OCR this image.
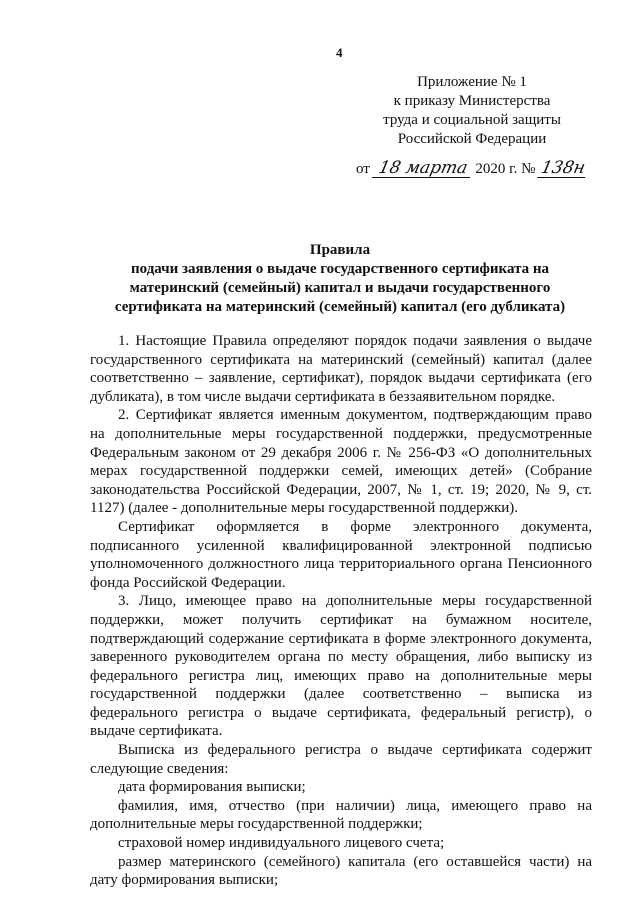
4
Приложение № 1
к приказу Министерства
труда и социальной защиты
Российской Федерации
от 18 марта 2020 г. № 138н
Правила
подачи заявления о выдаче государственного сертификата на
материнский (семейный) капитал и выдачи государственного
сертификата на материнский (семейный) капитал (его дубликата)

1. Настоящие Правила определяют порядок подачи заявления о выдаче государственного сертификата на материнский (семейный) капитал (далее соответственно – заявление, сертификат), порядок выдачи сертификата (его дубликата), в том числе выдачи сертификата в беззаявительном порядке.

2. Сертификат является именным документом, подтверждающим право на дополнительные меры государственной поддержки, предусмотренные Федеральным законом от 29 декабря 2006 г. № 256-ФЗ «О дополнительных мерах государственной поддержки семей, имеющих детей» (Собрание законодательства Российской Федерации, 2007, № 1, ст. 19; 2020, № 9, ст. 1127) (далее - дополнительные меры государственной поддержки).

Сертификат оформляется в форме электронного документа, подписанного усиленной квалифицированной электронной подписью уполномоченного должностного лица территориального органа Пенсионного фонда Российской Федерации.

3. Лицо, имеющее право на дополнительные меры государственной поддержки, может получить сертификат на бумажном носителе, подтверждающий содержание сертификата в форме электронного документа, заверенного руководителем органа по месту обращения, либо выписку из федерального регистра лиц, имеющих право на дополнительные меры государственной поддержки (далее соответственно – выписка из федерального регистра о выдаче сертификата, федеральный регистр), о выдаче сертификата.

Выписка из федерального регистра о выдаче сертификата содержит следующие сведения:

дата формирования выписки;

фамилия, имя, отчество (при наличии) лица, имеющего право на дополнительные меры государственной поддержки;

страховой номер индивидуального лицевого счета;

размер материнского (семейного) капитала (его оставшейся части) на дату формирования выписки;
